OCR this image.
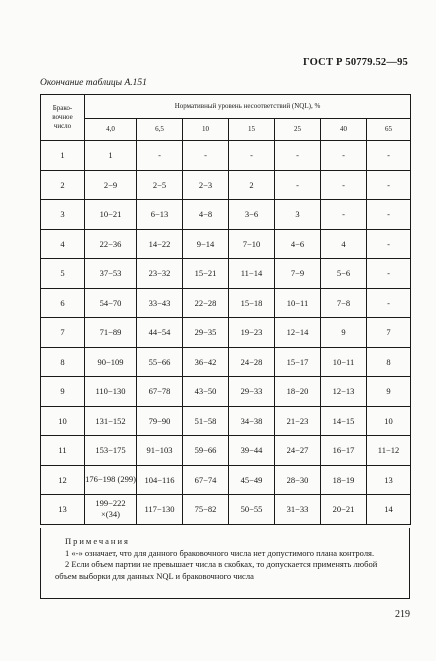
ГОСТ Р 50779.52—95
Окончание таблицы А.151
Брако-
вочное
число	Нормативный уровень несоответствий (NQL), %						
	4,0	6,5	10	15	25	40	65
1	1	-	-	-	-	-	-
2	2−9	2−5	2−3	2	-	-	-
3	10−21	6−13	4−8	3−6	3	-	-
4	22−36	14−22	9−14	7−10	4−6	4	-
5	37−53	23−32	15−21	11−14	7−9	5−6	-
6	54−70	33−43	22−28	15−18	10−11	7−8	-
7	71−89	44−54	29−35	19−23	12−14	9	7
8	90−109	55−66	36−42	24−28	15−17	10−11	8
9	110−130	67−78	43−50	29−33	18−20	12−13	9
10	131−152	79−90	51−58	34−38	21−23	14−15	10
11	153−175	91−103	59−66	39−44	24−27	16−17	11−12
12	176−198 (299)	104−116	67−74	45−49	28−30	18−19	13
13	199−222 ×(34)	117−130	75−82	50−55	31−33	20−21	14
Примечания
1 «-» означает, что для данного браковочного числа нет допустимого плана контроля.
2 Если объем партии не превышает числа в скобках, то допускается применять любой объем выборки для данных NQL и браковочного числа
219
